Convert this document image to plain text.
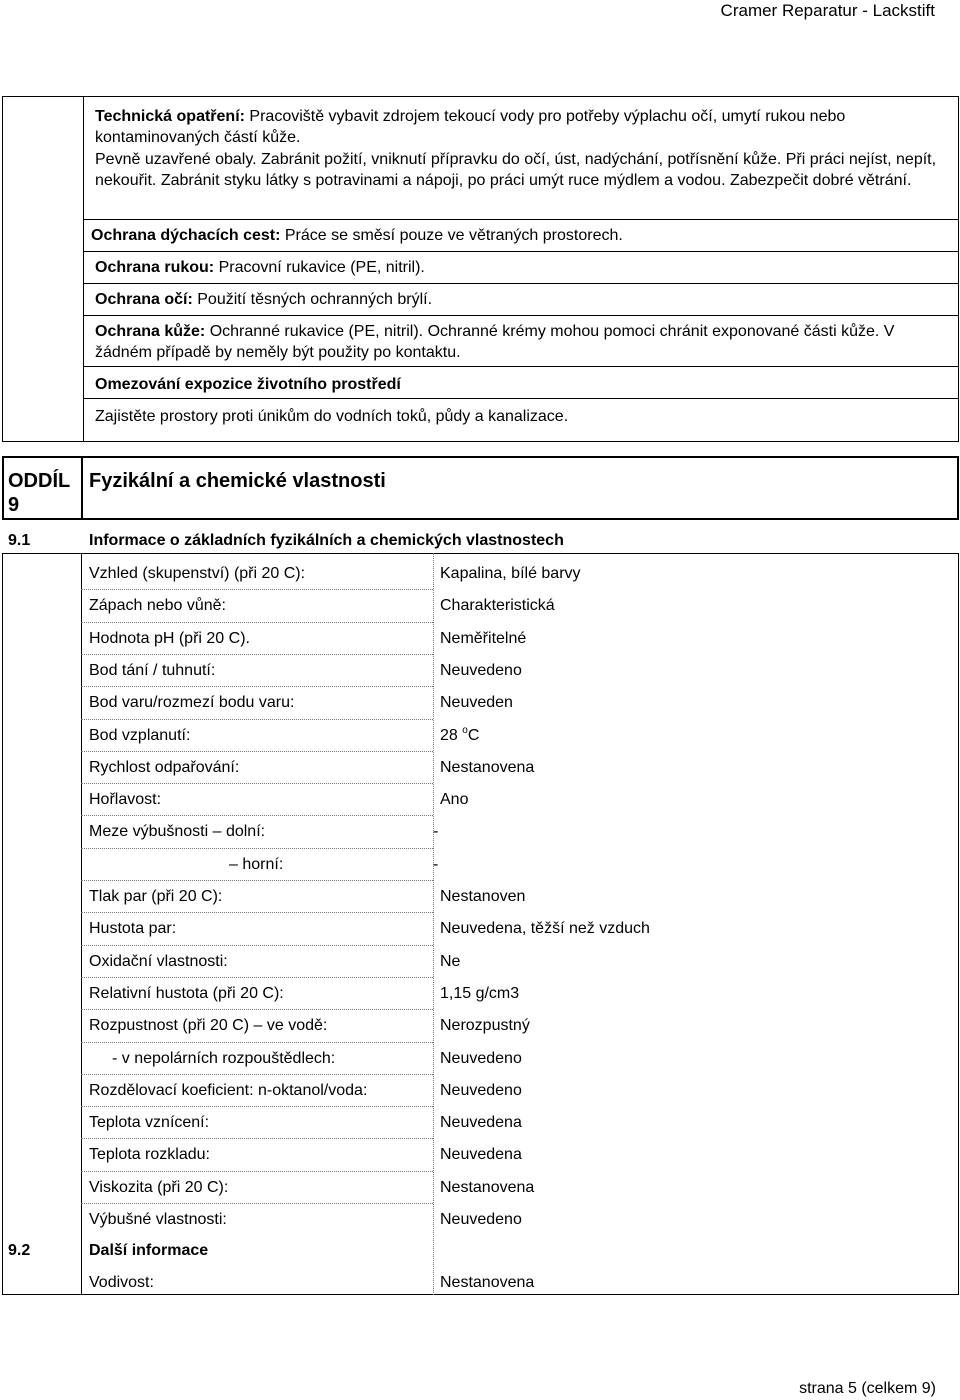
Cramer Reparatur - Lackstift
Technická opatření: Pracoviště vybavit zdrojem tekoucí vody pro potřeby výplachu očí, umytí rukou nebo kontaminovaných částí kůže.
Pevně uzavřené obaly. Zabránit požití, vniknutí přípravku do očí, úst, nadýchání, potřísnění kůže. Při práci nejíst, nepít, nekouřit. Zabránit styku látky s potravinami a nápoji, po práci umýt ruce mýdlem a vodou. Zabezpečit dobré větrání.
Ochrana dýchacích cest: Práce se směsí pouze ve větraných prostorech.
Ochrana rukou: Pracovní rukavice (PE, nitril).
Ochrana očí: Použití těsných ochranných brýlí.
Ochrana kůže: Ochranné rukavice (PE, nitril). Ochranné krémy mohou pomoci chránit exponované části kůže. V žádném případě by neměly být použity po kontaktu.
Omezování expozice životního prostředí
Zajistěte prostory proti únikům do vodních toků, půdy a kanalizace.
ODDÍL
9
Fyzikální a chemické vlastnosti
9.1	Informace o základních fyzikálních a chemických vlastnostech
Vzhled (skupenství) (při 20 C):	Kapalina, bílé barvy
Zápach nebo vůně:	Charakteristická
Hodnota pH (při 20 C).	Neměřitelné
Bod tání / tuhnutí:	Neuvedeno
Bod varu/rozmezí bodu varu:	Neuveden
Bod vzplanutí:	28 $^o$C
Rychlost odpařování:	Nestanovena
Hořlavost:	Ano
Meze výbušnosti – dolní:	-
– horní:	-
Tlak par (při 20 C):	Nestanoven
Hustota par:	Neuvedena, těžší než vzduch
Oxidační vlastnosti:	Ne
Relativní hustota (při 20 C):	1,15 g/cm3
Rozpustnost (při 20 C) – ve vodě:	Nerozpustný
- v nepolárních rozpouštědlech:	Neuvedeno
Rozdělovací koeficient: n-oktanol/voda:	Neuvedeno
Teplota vznícení:	Neuvedena
Teplota rozkladu:	Neuvedena
Viskozita (při 20 C):	Nestanovena
Výbušné vlastnosti:	Neuvedeno
9.2	Další informace
Vodivost:	Nestanovena
strana 5 (celkem 9)
